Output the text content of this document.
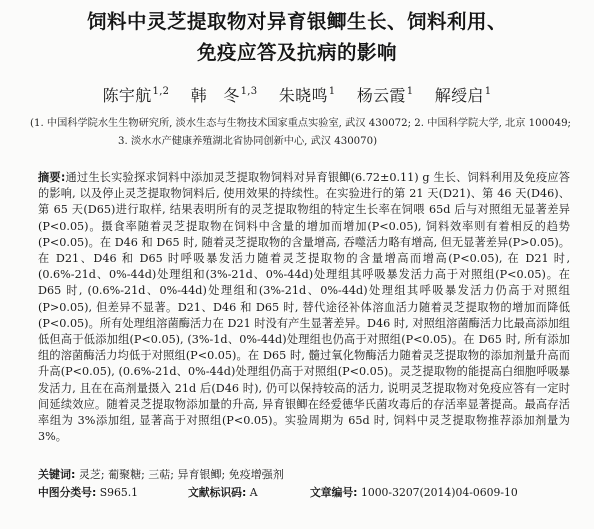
饲料中灵芝提取物对异育银鲫生长、饲料利用、
免疫应答及抗病的影响
陈宇航$^{1,2}$ 韩　冬$^{1,3}$ 朱晓鸣$^1$ 杨云霞$^1$ 解绶启$^1$
(1. 中国科学院水生生物研究所, 淡水生态与生物技术国家重点实验室, 武汉 430072; 2. 中国科学院大学, 北京 100049;
3. 淡水水产健康养殖湖北省协同创新中心, 武汉 430070)

摘要:通过生长实验探求饲料中添加灵芝提取物饲料对异育银鲫(6.72±0.11) g 生长、饲料利用及免疫应答的影响, 以及停止灵芝提取物饲料后, 使用效果的持续性。在实验进行的第 21 天(D21)、第 46 天(D46)、第 65 天(D65)进行取样, 结果表明所有的灵芝提取物组的特定生长率在饲喂 65d 后与对照组无显著差异(P<0.05)。摄食率随着灵芝提取物在饲料中含量的增加而增加(P<0.05), 饲料效率则有着相反的趋势(P<0.05)。在 D46 和 D65 时, 随着灵芝提取物的含量增高, 吞噬活力略有增高, 但无显著差异(P>0.05)。在 D21、D46 和 D65 时呼吸暴发活力随着灵芝提取物的含量增高而增高(P<0.05), 在 D21 时, (0.6%-21d、0%-44d)处理组和(3%-21d、0%-44d)处理组其呼吸暴发活力高于对照组(P<0.05)。在 D65 时, (0.6%-21d、0%-44d)处理组和(3%-21d、0%-44d)处理组其呼吸暴发活力仍高于对照组(P>0.05), 但差异不显著。D21、D46 和 D65 时, 替代途径补体溶血活力随着灵芝提取物的增加而降低(P<0.05)。所有处理组溶菌酶活力在 D21 时没有产生显著差异。D46 时, 对照组溶菌酶活力比最高添加组低但高于低添加组(P<0.05), (3%-1d、0%-44d)处理组也仍高于对照组(P<0.05)。在 D65 时, 所有添加组的溶菌酶活力均低于对照组(P<0.05)。在 D65 时, 髓过氧化物酶活力随着灵芝提取物的添加剂量升高而升高(P<0.05), (0.6%-21d、0%-44d)处理组仍高于对照组(P<0.05)。灵芝提取物的能提高白细胞呼吸暴发活力, 且在在高剂量摄入 21d 后(D46 时), 仍可以保持较高的活力, 说明灵芝提取物对免疫应答有一定时间延续效应。随着灵芝提取物添加量的升高, 异育银鲫在经爱德华氏菌攻毒后的存活率显著提高。最高存活率组为 3%添加组, 显著高于对照组(P<0.05)。实验周期为 65d 时, 饲料中灵芝提取物推荐添加剂量为 3%。

关键词: 灵芝; 葡聚糖; 三萜; 异育银鲫; 免疫增强剂
中图分类号: S965.1	文献标识码: A	文章编号: 1000-3207(2014)04-0609-10
